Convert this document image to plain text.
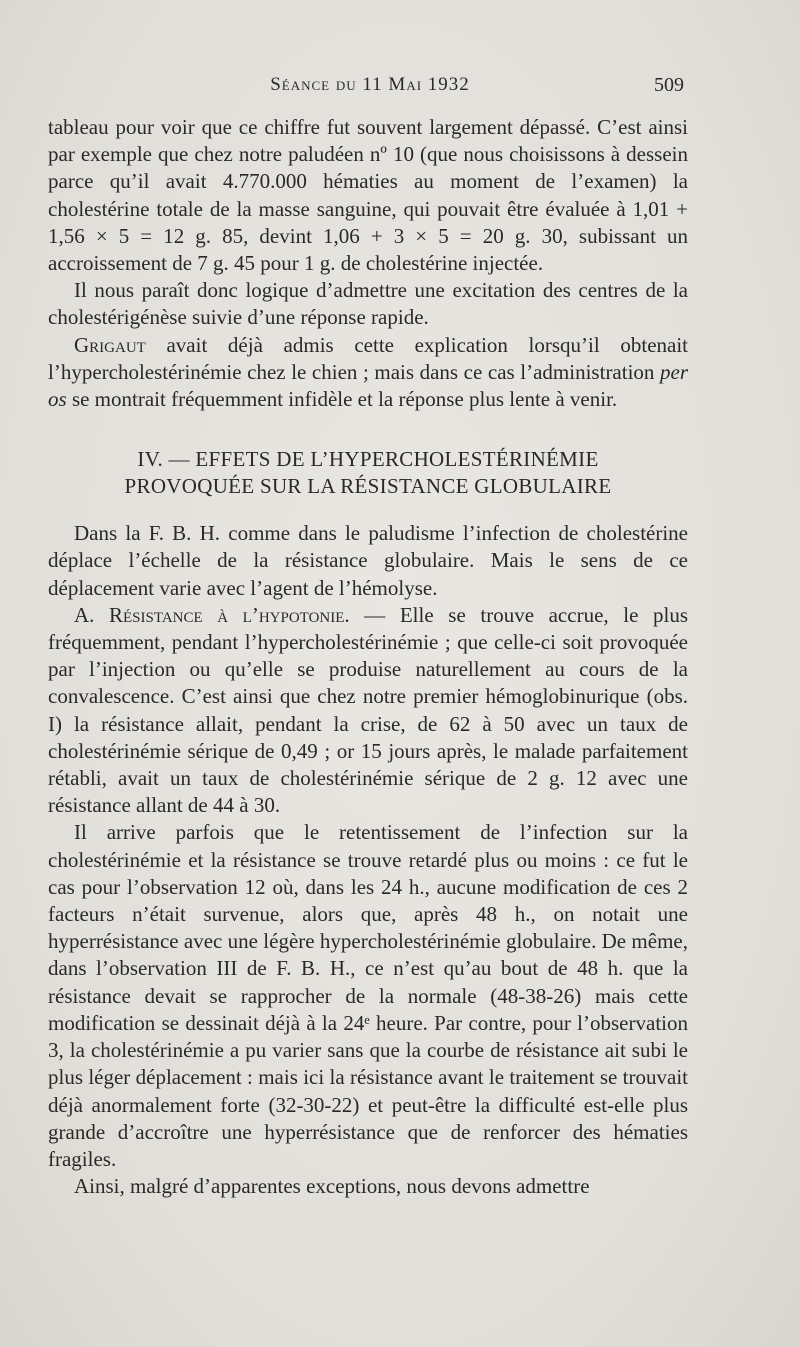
Séance du 11 Mai 1932	509

tableau pour voir que ce chiffre fut souvent largement dépassé. C’est ainsi par exemple que chez notre paludéen nº 10 (que nous choisissons à dessein parce qu’il avait 4.770.000 hématies au moment de l’examen) la cholestérine totale de la masse sanguine, qui pouvait être évaluée à 1,01 + 1,56 × 5 = 12 g. 85, devint 1,06 + 3 × 5 = 20 g. 30, subissant un accroissement de 7 g. 45 pour 1 g. de cholestérine injectée.

Il nous paraît donc logique d’admettre une excitation des centres de la cholestérigénèse suivie d’une réponse rapide.

Grigaut avait déjà admis cette explication lorsqu’il obtenait l’hypercholestérinémie chez le chien ; mais dans ce cas l’administration per os se montrait fréquemment infidèle et la réponse plus lente à venir.

IV. — EFFETS DE L’HYPERCHOLESTÉRINÉMIE
PROVOQUÉE SUR LA RÉSISTANCE GLOBULAIRE

Dans la F. B. H. comme dans le paludisme l’infection de cholestérine déplace l’échelle de la résistance globulaire. Mais le sens de ce déplacement varie avec l’agent de l’hémolyse.

A. Résistance à l’hypotonie. — Elle se trouve accrue, le plus fréquemment, pendant l’hypercholestérinémie ; que celle-ci soit provoquée par l’injection ou qu’elle se produise naturellement au cours de la convalescence. C’est ainsi que chez notre premier hémoglobinurique (obs. I) la résistance allait, pendant la crise, de 62 à 50 avec un taux de cholestérinémie sérique de 0,49 ; or 15 jours après, le malade parfaitement rétabli, avait un taux de cholestérinémie sérique de 2 g. 12 avec une résistance allant de 44 à 30.

Il arrive parfois que le retentissement de l’infection sur la cholestérinémie et la résistance se trouve retardé plus ou moins : ce fut le cas pour l’observation 12 où, dans les 24 h., aucune modification de ces 2 facteurs n’était survenue, alors que, après 48 h., on notait une hyperrésistance avec une légère hypercholestérinémie globulaire. De même, dans l’observation III de F. B. H., ce n’est qu’au bout de 48 h. que la résistance devait se rapprocher de la normale (48-38-26) mais cette modification se dessinait déjà à la 24ᵉ heure. Par contre, pour l’observation 3, la cholestérinémie a pu varier sans que la courbe de résistance ait subi le plus léger déplacement : mais ici la résistance avant le traitement se trouvait déjà anormalement forte (32-30-22) et peut-être la difficulté est-elle plus grande d’accroître une hyperrésistance que de renforcer des hématies fragiles.

Ainsi, malgré d’apparentes exceptions, nous devons admettre
